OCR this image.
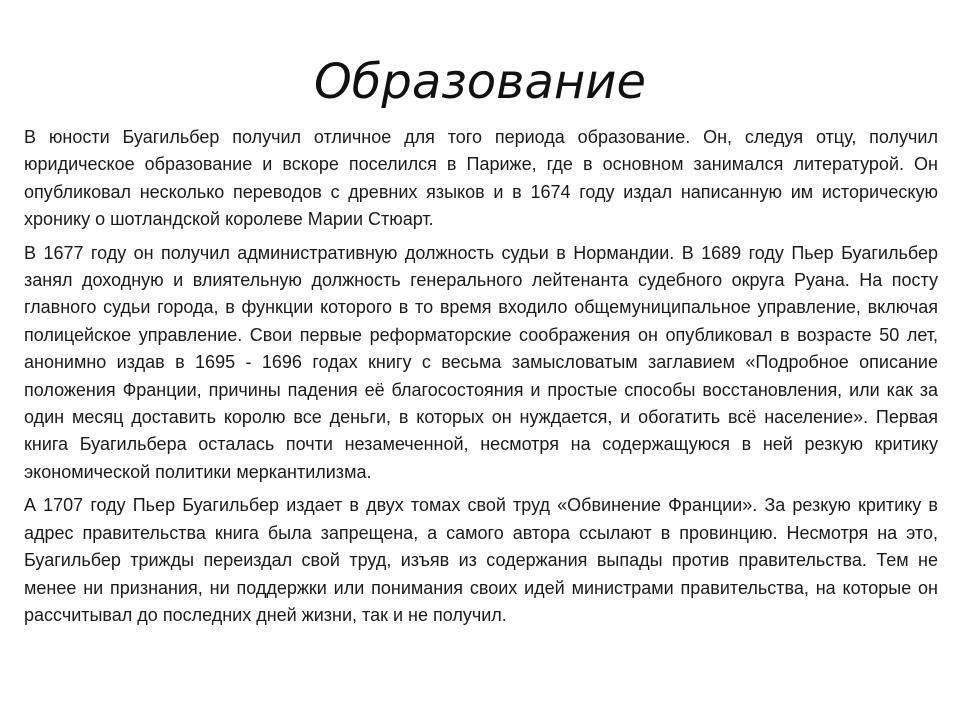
Образование

В юности Буагильбер получил отличное для того периода образование. Он, следуя отцу, получил юридическое образование и вскоре поселился в Париже, где в основном занимался литературой. Он опубликовал несколько переводов с древних языков и в 1674 году издал написанную им историческую хронику о шотландской королеве Марии Стюарт.

В 1677 году он получил административную должность судьи в Нормандии. В 1689 году Пьер Буагильбер занял доходную и влиятельную должность генерального лейтенанта судебного округа Руана. На посту главного судьи города, в функции которого в то время входило общемуниципальное управление, включая полицейское управление. Свои первые реформаторские соображения он опубликовал в возрасте 50 лет, анонимно издав в 1695 - 1696 годах книгу с весьма замысловатым заглавием «Подробное описание положения Франции, причины падения её благосостояния и простые способы восстановления, или как за один месяц доставить королю все деньги, в которых он нуждается, и обогатить всё население». Первая книга Буагильбера осталась почти незамеченной, несмотря на содержащуюся в ней резкую критику экономической политики меркантилизма.

А 1707 году Пьер Буагильбер издает в двух томах свой труд «Обвинение Франции». За резкую критику в адрес правительства книга была запрещена, а самого автора ссылают в провинцию. Несмотря на это, Буагильбер трижды переиздал свой труд, изъяв из содержания выпады против правительства. Тем не менее ни признания, ни поддержки или понимания своих идей министрами правительства, на которые он рассчитывал до последних дней жизни, так и не получил.
